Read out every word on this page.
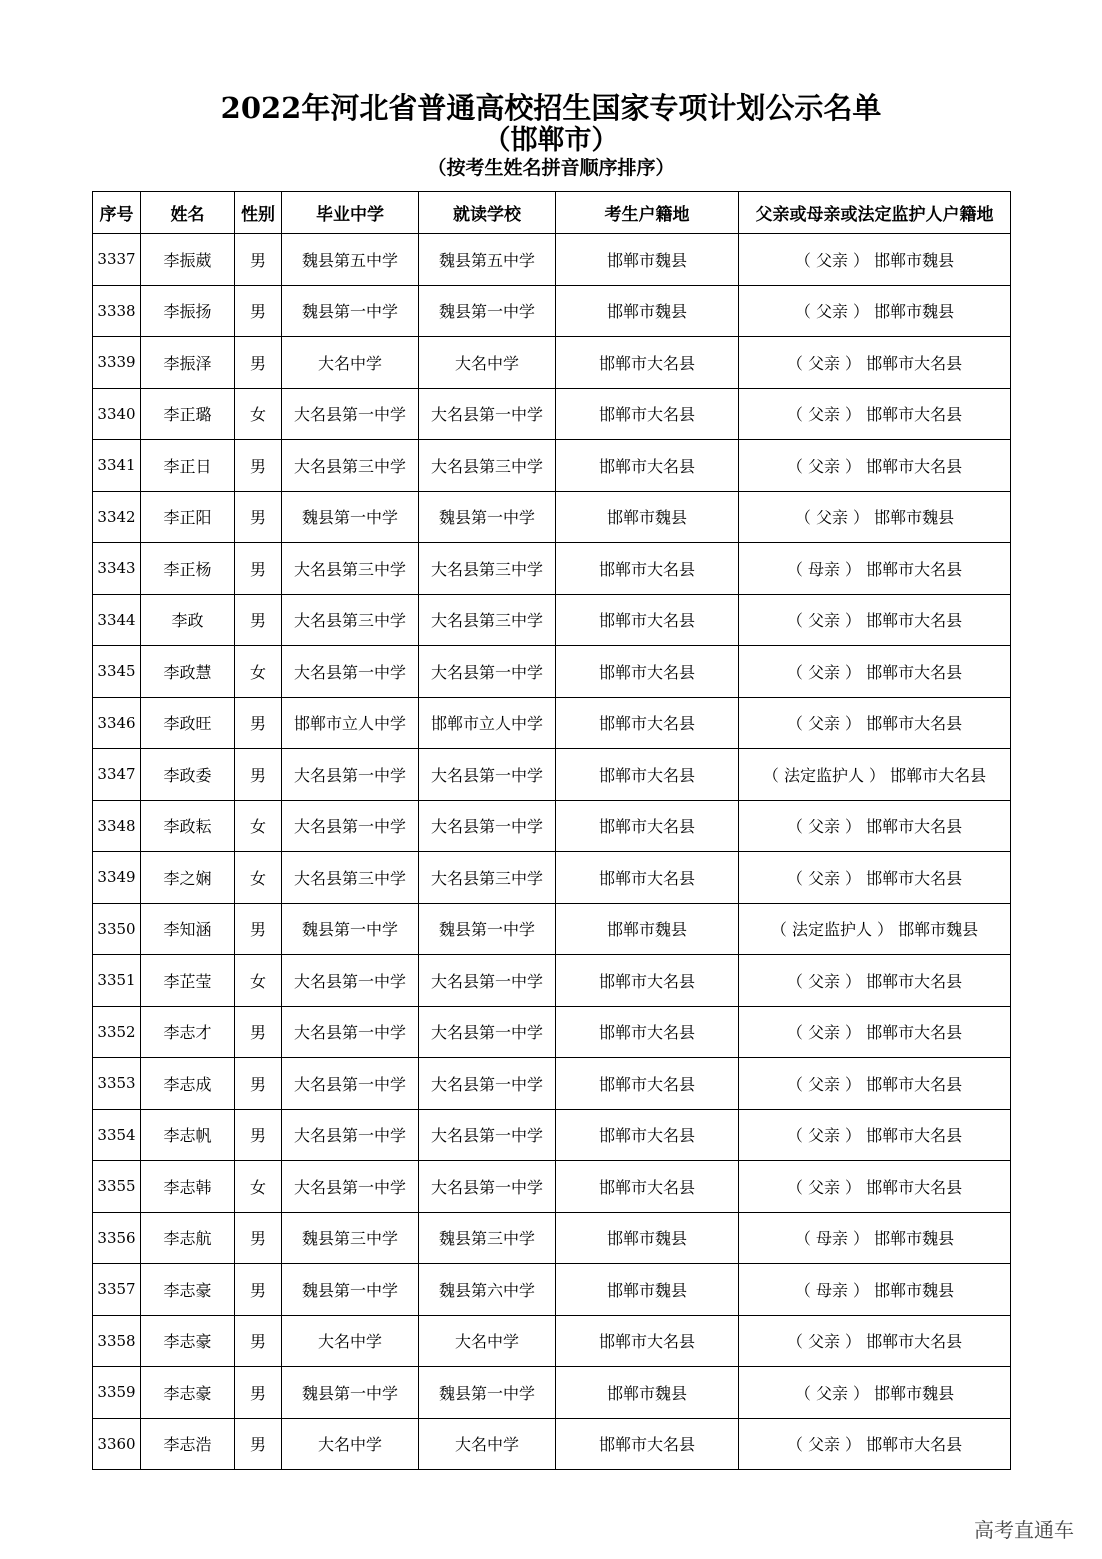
2022年河北省普通高校招生国家专项计划公示名单
（邯郸市）
（按考生姓名拼音顺序排序）
序号	姓名	性别	毕业中学	就读学校	考生户籍地	父亲或母亲或法定监护人户籍地
3337	李振葳	男	魏县第五中学	魏县第五中学	邯郸市魏县	（ 父亲 ） 邯郸市魏县
3338	李振扬	男	魏县第一中学	魏县第一中学	邯郸市魏县	（ 父亲 ） 邯郸市魏县
3339	李振泽	男	大名中学	大名中学	邯郸市大名县	（ 父亲 ） 邯郸市大名县
3340	李正璐	女	大名县第一中学	大名县第一中学	邯郸市大名县	（ 父亲 ） 邯郸市大名县
3341	李正日	男	大名县第三中学	大名县第三中学	邯郸市大名县	（ 父亲 ） 邯郸市大名县
3342	李正阳	男	魏县第一中学	魏县第一中学	邯郸市魏县	（ 父亲 ） 邯郸市魏县
3343	李正杨	男	大名县第三中学	大名县第三中学	邯郸市大名县	（ 母亲 ） 邯郸市大名县
3344	李政	男	大名县第三中学	大名县第三中学	邯郸市大名县	（ 父亲 ） 邯郸市大名县
3345	李政慧	女	大名县第一中学	大名县第一中学	邯郸市大名县	（ 父亲 ） 邯郸市大名县
3346	李政旺	男	邯郸市立人中学	邯郸市立人中学	邯郸市大名县	（ 父亲 ） 邯郸市大名县
3347	李政委	男	大名县第一中学	大名县第一中学	邯郸市大名县	（ 法定监护人 ） 邯郸市大名县
3348	李政耘	女	大名县第一中学	大名县第一中学	邯郸市大名县	（ 父亲 ） 邯郸市大名县
3349	李之娴	女	大名县第三中学	大名县第三中学	邯郸市大名县	（ 父亲 ） 邯郸市大名县
3350	李知涵	男	魏县第一中学	魏县第一中学	邯郸市魏县	（ 法定监护人 ） 邯郸市魏县
3351	李芷莹	女	大名县第一中学	大名县第一中学	邯郸市大名县	（ 父亲 ） 邯郸市大名县
3352	李志才	男	大名县第一中学	大名县第一中学	邯郸市大名县	（ 父亲 ） 邯郸市大名县
3353	李志成	男	大名县第一中学	大名县第一中学	邯郸市大名县	（ 父亲 ） 邯郸市大名县
3354	李志帆	男	大名县第一中学	大名县第一中学	邯郸市大名县	（ 父亲 ） 邯郸市大名县
3355	李志韩	女	大名县第一中学	大名县第一中学	邯郸市大名县	（ 父亲 ） 邯郸市大名县
3356	李志航	男	魏县第三中学	魏县第三中学	邯郸市魏县	（ 母亲 ） 邯郸市魏县
3357	李志豪	男	魏县第一中学	魏县第六中学	邯郸市魏县	（ 母亲 ） 邯郸市魏县
3358	李志豪	男	大名中学	大名中学	邯郸市大名县	（ 父亲 ） 邯郸市大名县
3359	李志豪	男	魏县第一中学	魏县第一中学	邯郸市魏县	（ 父亲 ） 邯郸市魏县
3360	李志浩	男	大名中学	大名中学	邯郸市大名县	（ 父亲 ） 邯郸市大名县
高考直通车
